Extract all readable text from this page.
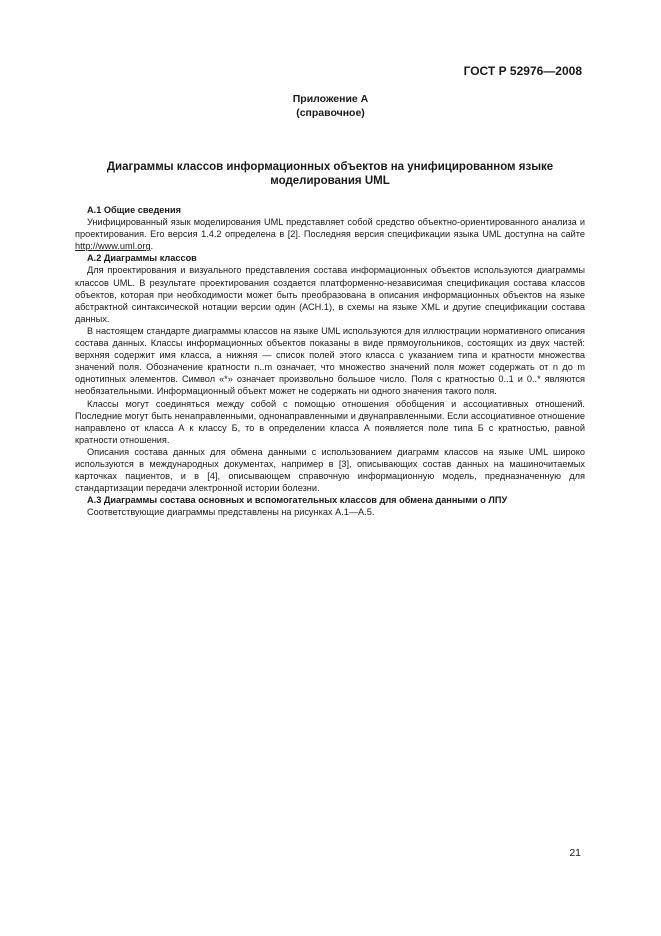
ГОСТ Р 52976—2008
Приложение А
(справочное)
Диаграммы классов информационных объектов на унифицированном языке моделирования UML

А.1 Общие сведения

Унифицированный язык моделирования UML представляет собой средство объектно-ориентированного анализа и проектирования. Его версия 1.4.2 определена в [2]. Последняя версия спецификации языка UML доступна на сайте http://www.uml.org.

А.2 Диаграммы классов

Для проектирования и визуального представления состава информационных объектов используются диаграммы классов UML. В результате проектирования создается платформенно-независимая спецификация состава классов объектов, которая при необходимости может быть преобразована в описания информационных объектов на языке абстрактной синтаксической нотации версии один (АСН.1), в схемы на языке XML и другие спецификации состава данных.

В настоящем стандарте диаграммы классов на языке UML используются для иллюстрации нормативного описания состава данных. Классы информационных объектов показаны в виде прямоугольников, состоящих из двух частей: верхняя содержит имя класса, а нижняя — список полей этого класса с указанием типа и кратности множества значений поля. Обозначение кратности n..m означает, что множество значений поля может содержать от n до m однотипных элементов. Символ «*» означает произвольно большое число. Поля с кратностью 0..1 и 0..* являются необязательными. Информационный объект может не содержать ни одного значения такого поля.

Классы могут соединяться между собой с помощью отношения обобщения и ассоциативных отношений. Последние могут быть ненаправленными, однонаправленными и двунаправленными. Если ассоциативное отношение направлено от класса А к классу Б, то в определении класса А появляется поле типа Б с кратностью, равной кратности отношения.

Описания состава данных для обмена данными с использованием диаграмм классов на языке UML широко используются в международных документах, например в [3], описывающих состав данных на машиночитаемых карточках пациентов, и в [4], описывающем справочную информационную модель, предназначенную для стандартизации передачи электронной истории болезни.

А.3 Диаграммы состава основных и вспомогательных классов для обмена данными о ЛПУ

Соответствующие диаграммы представлены на рисунках А.1—А.5.

21
